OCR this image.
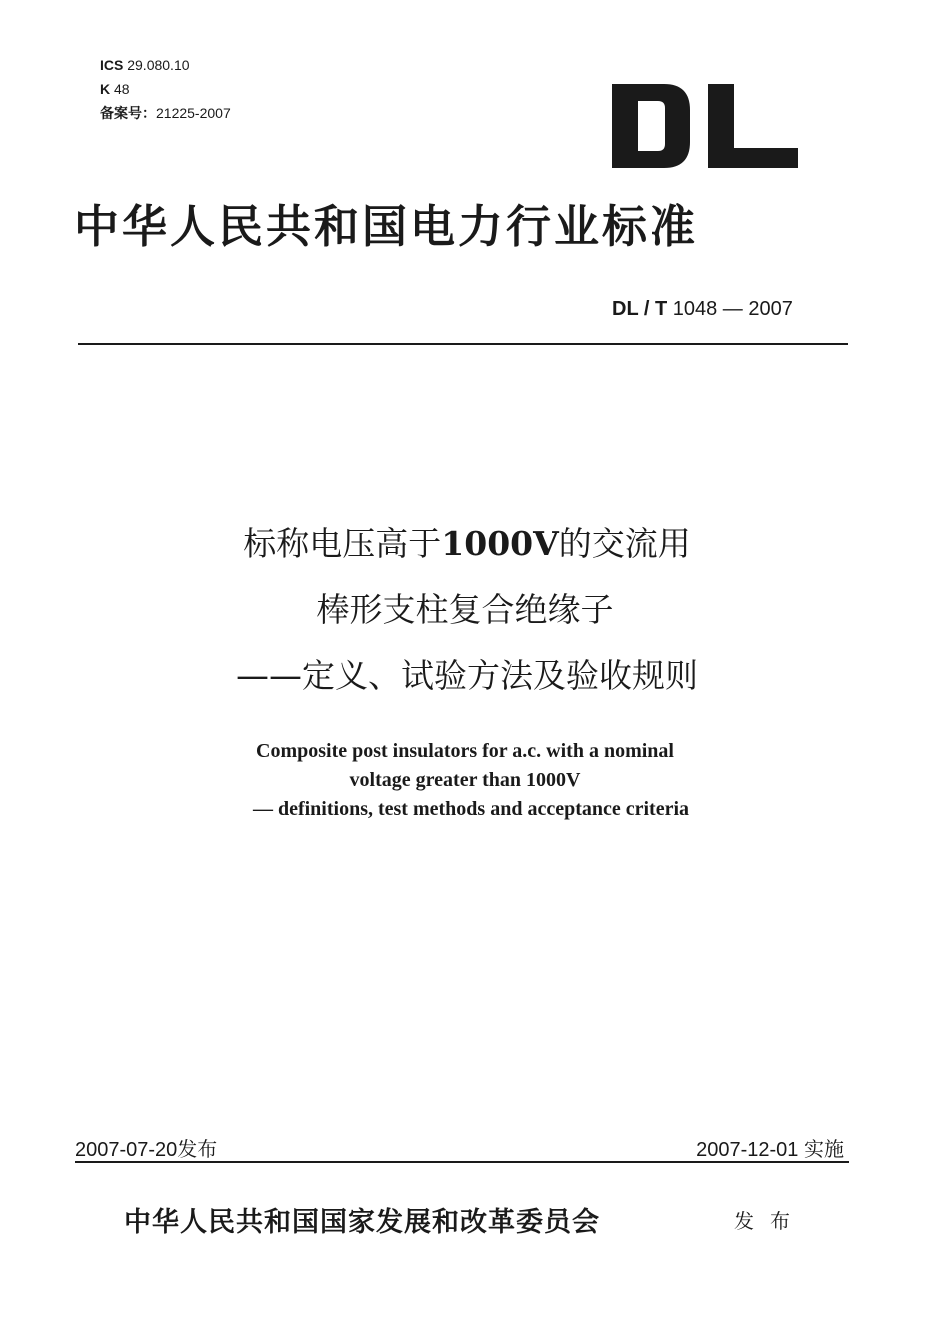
ICS 29.080.10
K 48
备案号：21225-2007
中华人民共和国电力行业标准
DL / T 1048 — 2007
标称电压高于1000V的交流用
棒形支柱复合绝缘子
——定义、试验方法及验收规则
Composite post insulators for a.c. with a nominal
voltage greater than 1000V
— definitions, test methods and acceptance criteria
2007-07-20发布	2007-12-01 实施
中华人民共和国国家发展和改革委员会	发布
